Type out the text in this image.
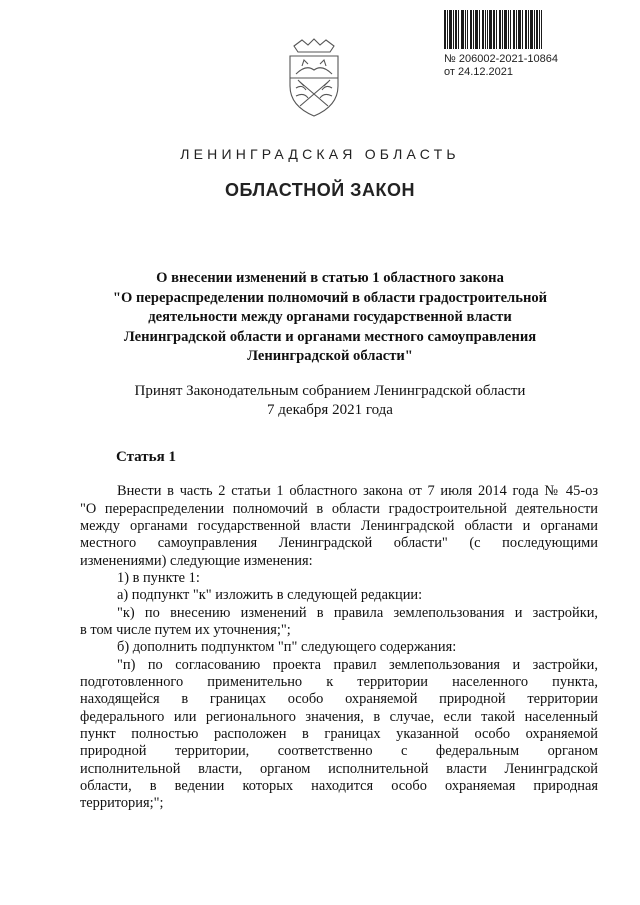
№ 206002-2021-10864
от 24.12.2021
ЛЕНИНГРАДСКАЯ ОБЛАСТЬ
ОБЛАСТНОЙ ЗАКОН
О внесении изменений в статью 1 областного закона
"О перераспределении полномочий в области градостроительной
деятельности между органами государственной власти
Ленинградской области и органами местного самоуправления
Ленинградской области"
Принят Законодательным собранием Ленинградской области
7 декабря 2021 года
Статья 1
Внести в часть 2 статьи 1 областного закона от 7 июля 2014 года № 45-оз
"О перераспределении полномочий в области градостроительной деятельности
между органами государственной власти Ленинградской области и органами
местного самоуправления Ленинградской области" (с последующими
изменениями) следующие изменения:
1) в пункте 1:
а) подпункт "к" изложить в следующей редакции:
"к) по внесению изменений в правила землепользования и застройки,
в том числе путем их уточнения;";
б) дополнить подпунктом "п" следующего содержания:
"п) по согласованию проекта правил землепользования и застройки,
подготовленного применительно к территории населенного пункта,
находящейся в границах особо охраняемой природной территории
федерального или регионального значения, в случае, если такой населенный
пункт полностью расположен в границах указанной особо охраняемой
природной территории, соответственно с федеральным органом
исполнительной власти, органом исполнительной власти Ленинградской
области, в ведении которых находится особо охраняемая природная
территория;";
